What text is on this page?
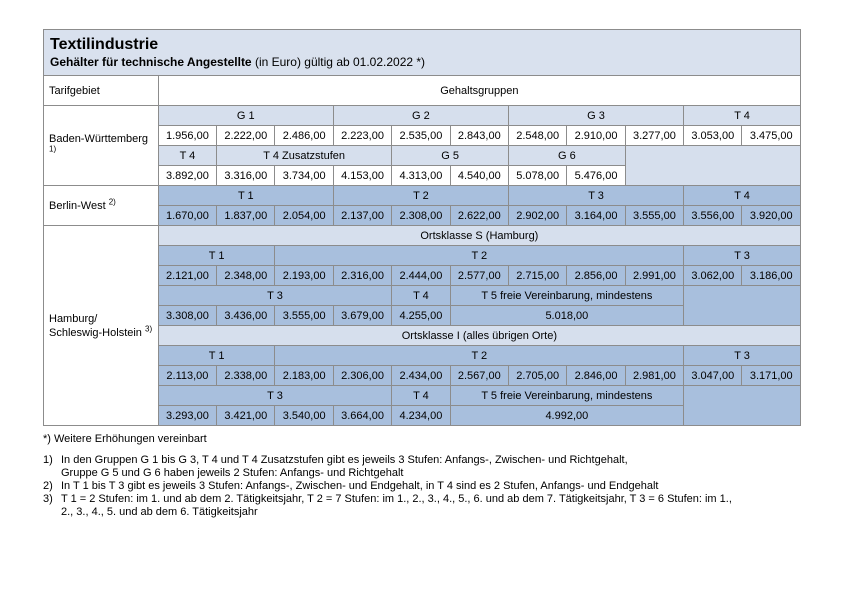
Textilindustrie
Gehälter für technische Angestellte (in Euro) gültig ab 01.02.2022 *)											

Tarifgebiet	Gehaltsgruppen										
Baden-Württemberg $^{1)}$	G 1			G 2			G 3			T 4	
	1.956,00	2.222,00	2.486,00	2.223,00	2.535,00	2.843,00	2.548,00	2.910,00	3.277,00	3.053,00	3.475,00
	T 4	T 4 Zusatzstufen			G 5		G 6				
	3.892,00	3.316,00	3.734,00	4.153,00	4.313,00	4.540,00	5.078,00	5.476,00			
Berlin-West $^{2)}$	T 1			T 2			T 3			T 4	
	1.670,00	1.837,00	2.054,00	2.137,00	2.308,00	2.622,00	2.902,00	3.164,00	3.555,00	3.556,00	3.920,00
Hamburg/
Schleswig-Holstein $^{3)}$	Ortsklasse S (Hamburg)										
	T 1		T 2							T 3	
	2.121,00	2.348,00	2.193,00	2.316,00	2.444,00	2.577,00	2.715,00	2.856,00	2.991,00	3.062,00	3.186,00
	T 3				T 4	T 5 freie Vereinbarung, mindestens					
	3.308,00	3.436,00	3.555,00	3.679,00	4.255,00	5.018,00					
	Ortsklasse I (alles übrigen Orte)										
	T 1		T 2							T 3	
	2.113,00	2.338,00	2.183,00	2.306,00	2.434,00	2.567,00	2.705,00	2.846,00	2.981,00	3.047,00	3.171,00
	T 3				T 4	T 5 freie Vereinbarung, mindestens					
	3.293,00	3.421,00	3.540,00	3.664,00	4.234,00	4.992,00					
*) Weitere Erhöhungen vereinbart
1) In den Gruppen G 1 bis G 3, T 4 und T 4 Zusatzstufen gibt es jeweils 3 Stufen: Anfangs-, Zwischen- und Richtgehalt,
Gruppe G 5 und G 6 haben jeweils 2 Stufen: Anfangs- und Richtgehalt
2) In T 1 bis T 3 gibt es jeweils 3 Stufen: Anfangs-, Zwischen- und Endgehalt, in T 4 sind es 2 Stufen, Anfangs- und Endgehalt
3) T 1 = 2 Stufen: im 1. und ab dem 2. Tätigkeitsjahr, T 2 = 7 Stufen: im 1., 2., 3., 4., 5., 6. und ab dem 7. Tätigkeitsjahr, T 3 = 6 Stufen: im 1.,
2., 3., 4., 5. und ab dem 6. Tätigkeitsjahr
